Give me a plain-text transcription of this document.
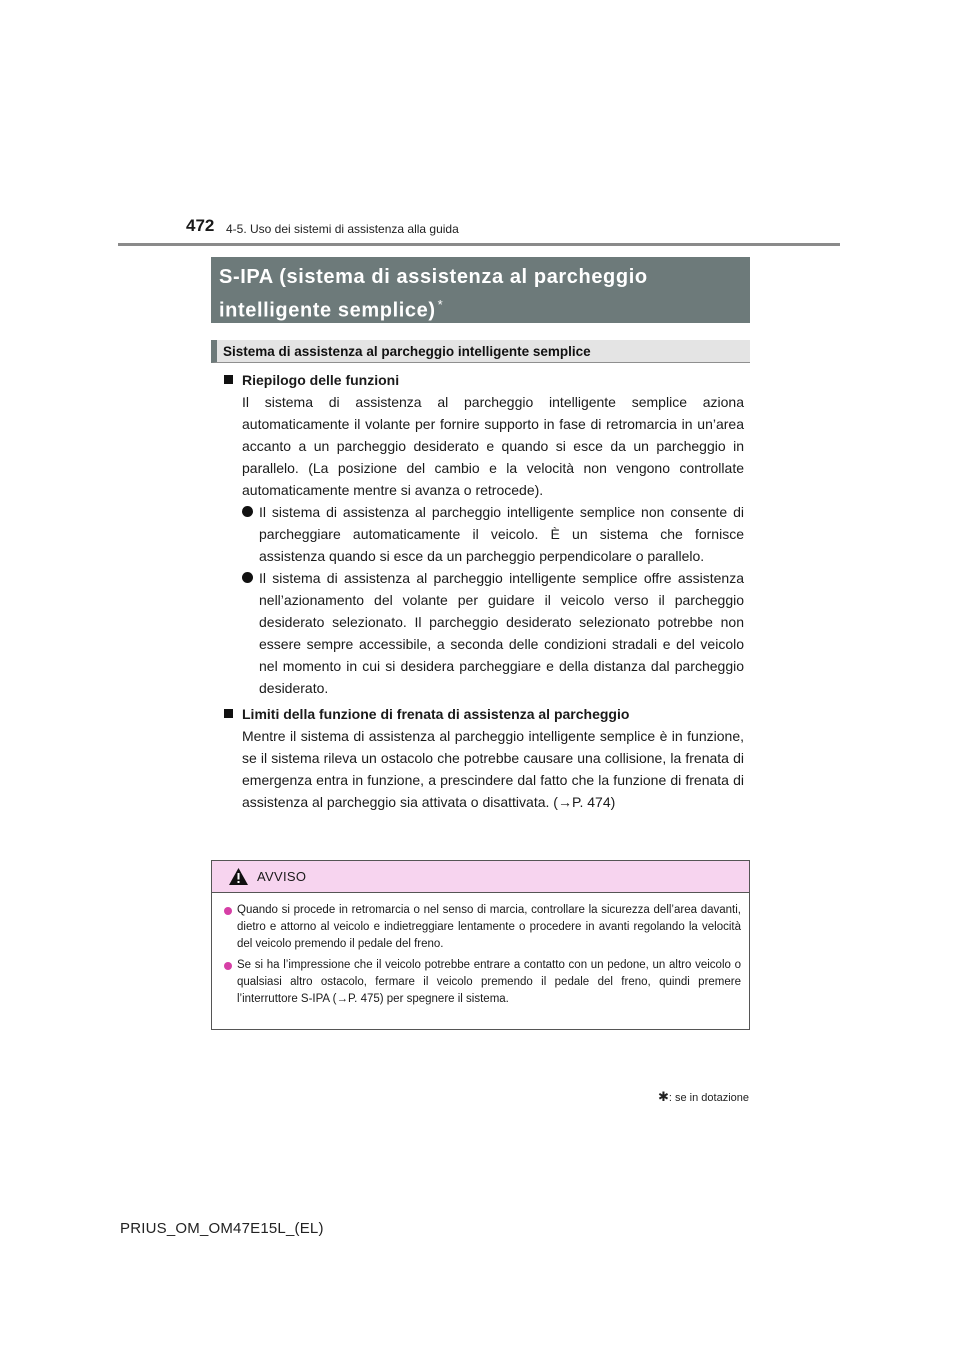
472 4-5. Uso dei sistemi di assistenza alla guida
S-IPA (sistema di assistenza al parcheggio
intelligente semplice) *
Sistema di assistenza al parcheggio intelligente semplice
Riepilogo delle funzioni

Il sistema di assistenza al parcheggio intelligente semplice aziona automaticamente il volante per fornire supporto in fase di retromarcia in un’area accanto a un parcheggio desiderato e quando si esce da un parcheggio in parallelo. (La posizione del cambio e la velocità non vengono controllate automaticamente mentre si avanza o retrocede).

Il sistema di assistenza al parcheggio intelligente semplice non consente di parcheggiare automaticamente il veicolo. È un sistema che fornisce assistenza quando si esce da un parcheggio perpendicolare o parallelo.
Il sistema di assistenza al parcheggio intelligente semplice offre assistenza nell’azionamento del volante per guidare il veicolo verso il parcheggio desiderato selezionato. Il parcheggio desiderato selezionato potrebbe non essere sempre accessibile, a seconda delle condizioni stradali e del veicolo nel momento in cui si desidera parcheggiare e della distanza dal parcheggio desiderato.
Limiti della funzione di frenata di assistenza al parcheggio

Mentre il sistema di assistenza al parcheggio intelligente semplice è in funzione, se il sistema rileva un ostacolo che potrebbe causare una collisione, la frenata di emergenza entra in funzione, a prescindere dal fatto che la funzione di frenata di assistenza al parcheggio sia attivata o disattivata. (→P. 474)

AVVISO
Quando si procede in retromarcia o nel senso di marcia, controllare la sicurezza dell’area davanti, dietro e attorno al veicolo e indietreggiare lentamente o procedere in avanti regolando la velocità del veicolo premendo il pedale del freno.
Se si ha l’impressione che il veicolo potrebbe entrare a contatto con un pedone, un altro veicolo o qualsiasi altro ostacolo, fermare il veicolo premendo il pedale del freno, quindi premere l’interruttore S-IPA (→P. 475) per spegnere il sistema.
✱: se in dotazione
PRIUS_OM_OM47E15L_(EL)
